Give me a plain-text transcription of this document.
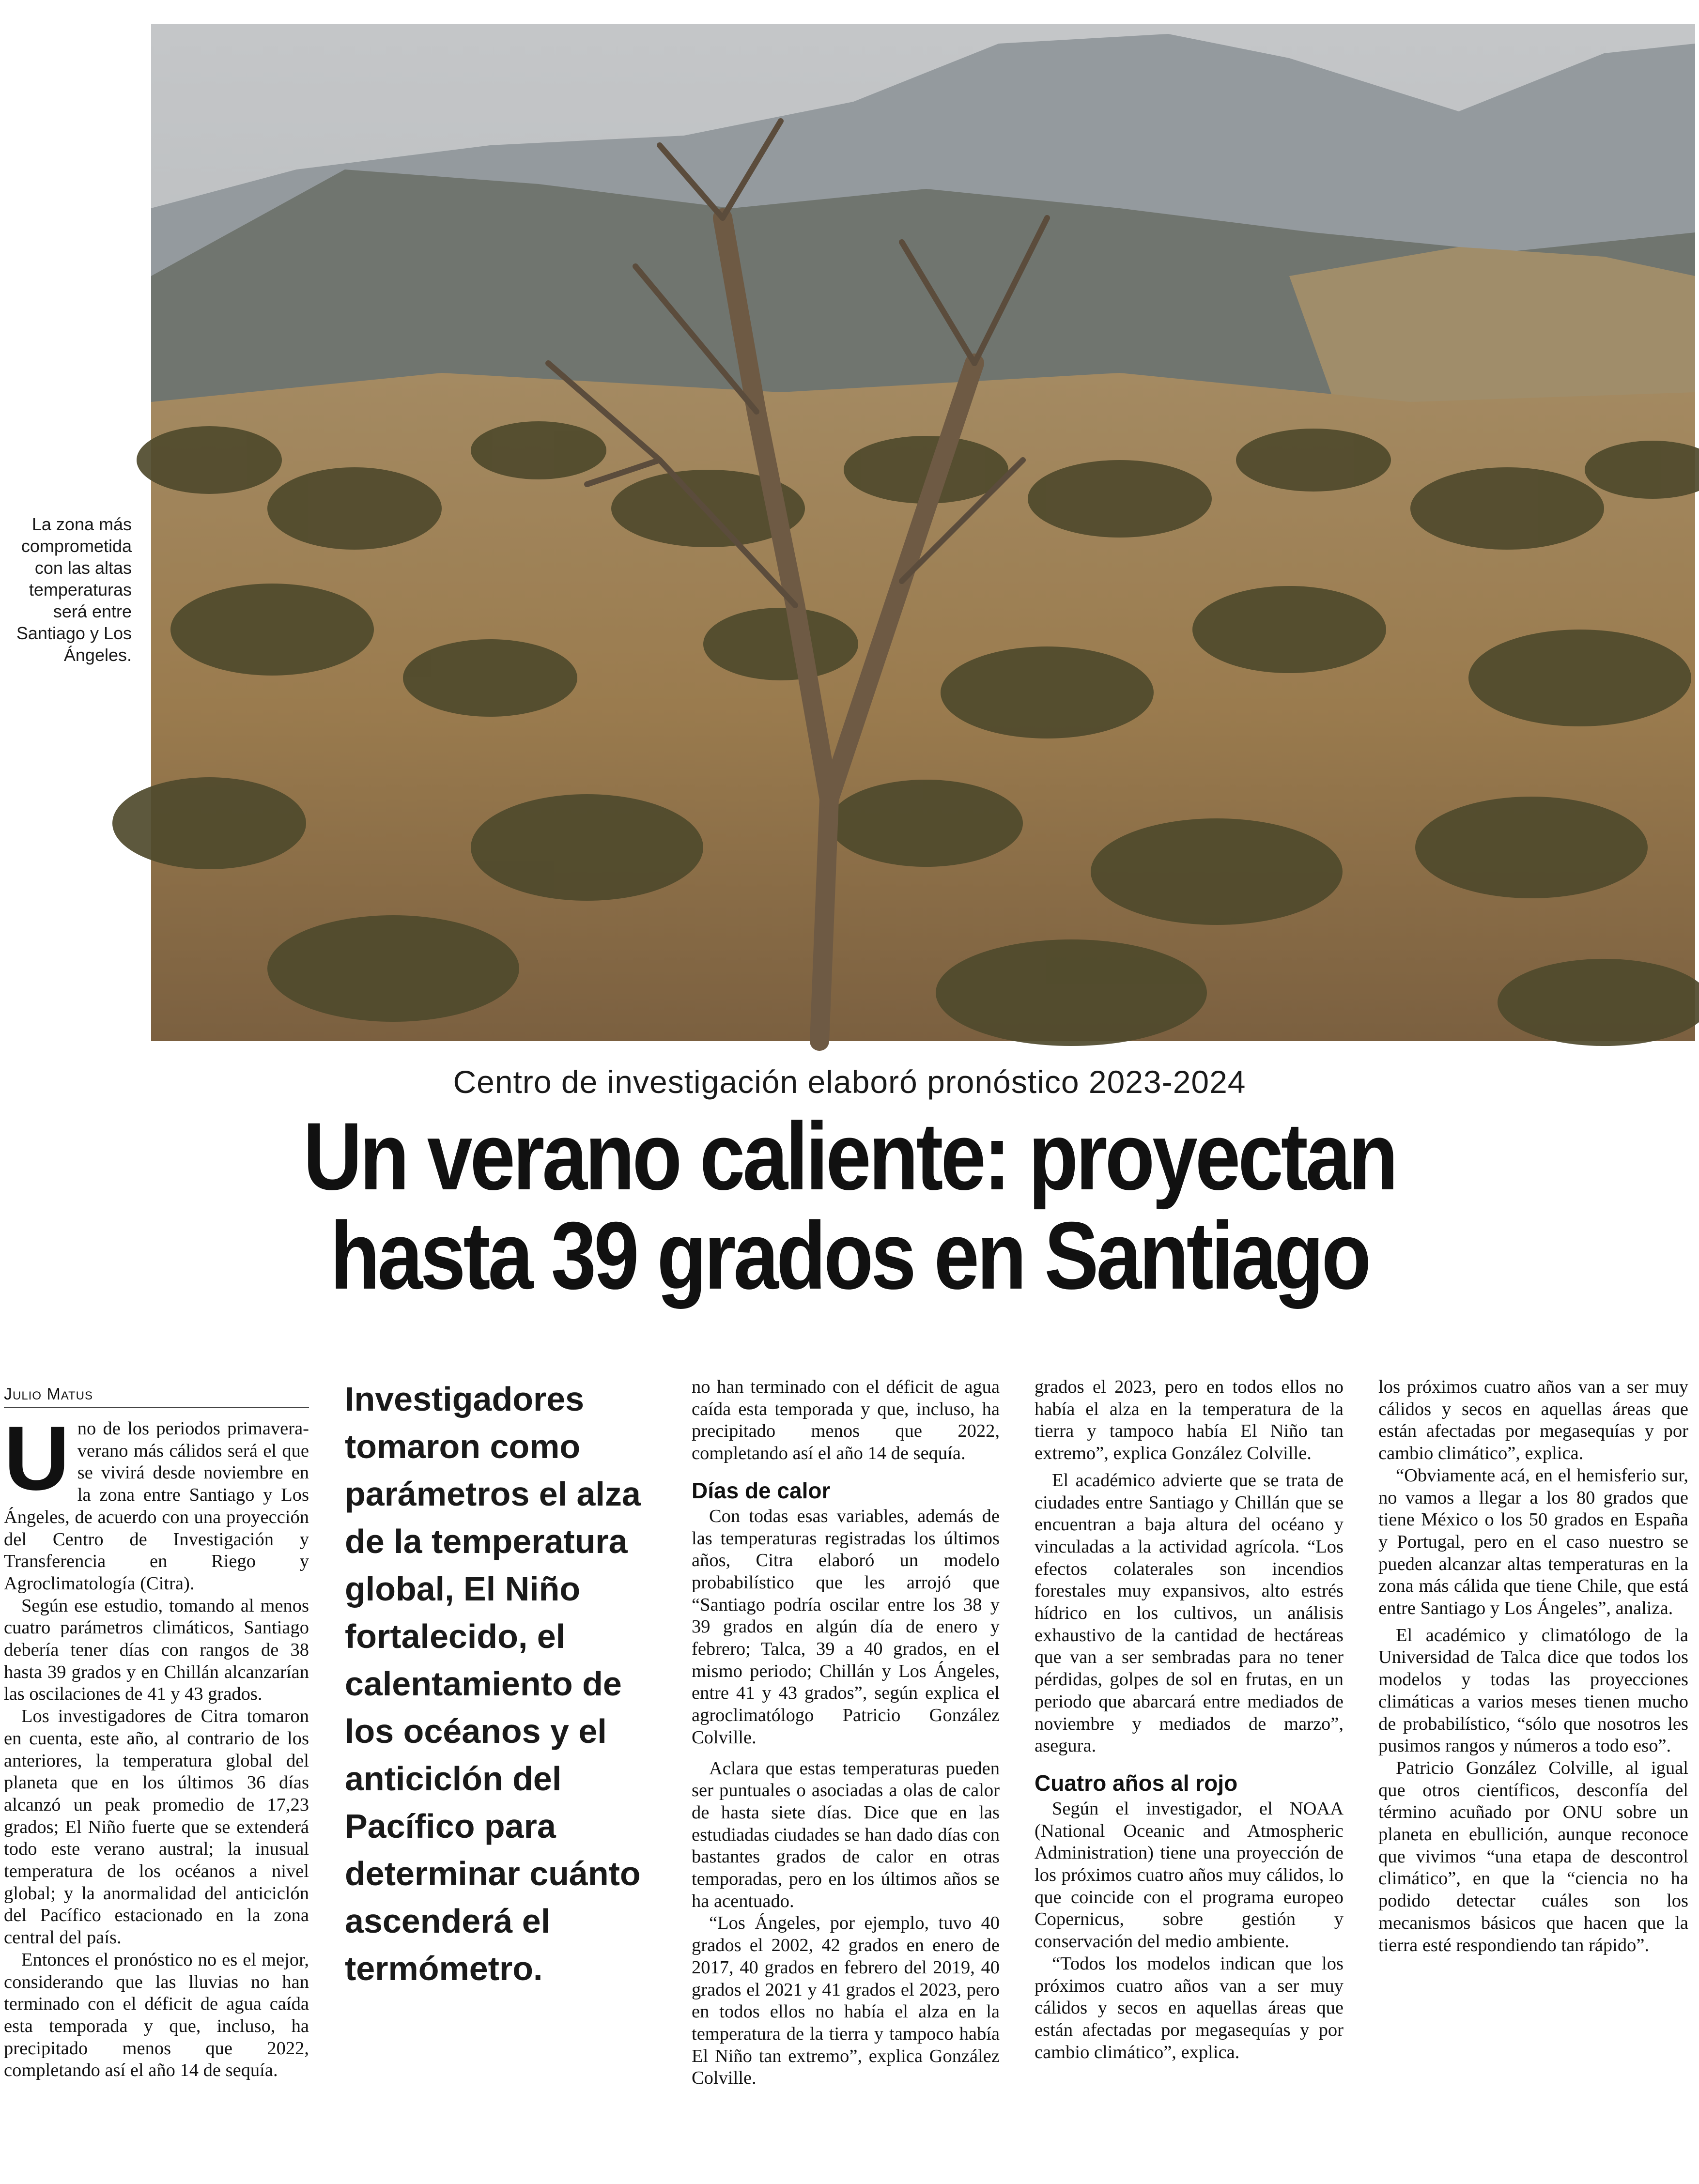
La zona más
comprometida
con las altas
temperaturas
será entre
Santiago y Los
Ángeles.
Centro de investigación elaboró pronóstico 2023-2024
Un verano caliente: proyectan
hasta 39 grados en Santiago
Julio Matus

Uno de los periodos primavera-verano más cálidos será el que se vivirá desde noviembre en la zona entre Santiago y Los Ángeles, de acuerdo con una proyección del Centro de Investigación y Transferencia en Riego y Agroclimatología (Citra).

Según ese estudio, tomando al menos cuatro parámetros climáticos, Santiago debería tener días con rangos de 38 hasta 39 grados y en Chillán alcanzarían las oscilaciones de 41 y 43 grados.

Los investigadores de Citra tomaron en cuenta, este año, al contrario de los anteriores, la temperatura global del planeta que en los últimos 36 días alcanzó un peak promedio de 17,23 grados; El Niño fuerte que se extenderá todo este verano austral; la inusual temperatura de los océanos a nivel global; y la anormalidad del anticiclón del Pacífico estacionado en la zona central del país.

Entonces el pronóstico no es el mejor, considerando que las lluvias no han terminado con el déficit de agua caída esta temporada y que, incluso, ha precipitado menos que 2022, completando así el año 14 de sequía.

Investigadores tomaron como parámetros el alza de la temperatura global, El Niño fortalecido, el calentamiento de los océanos y el anticiclón del Pacífico para determinar cuánto ascenderá el termómetro.

no han terminado con el déficit de agua caída esta temporada y que, incluso, ha precipitado menos que 2022, completando así el año 14 de sequía.

Días de calor

Con todas esas variables, además de las temperaturas registradas los últimos años, Citra elaboró un modelo probabilístico que les arrojó que “Santiago podría oscilar entre los 38 y 39 grados en algún día de enero y febrero; Talca, 39 a 40 grados, en el mismo periodo; Chillán y Los Ángeles, entre 41 y 43 grados”, según explica el agroclimatólogo Patricio González Colville.

Aclara que estas temperaturas pueden ser puntuales o asociadas a olas de calor de hasta siete días. Dice que en las estudiadas ciudades se han dado días con bastantes grados de calor en otras temporadas, pero en los últimos años se ha acentuado.

“Los Ángeles, por ejemplo, tuvo 40 grados el 2002, 42 grados en enero de 2017, 40 grados en febrero del 2019, 40 grados el 2021 y 41 grados el 2023, pero en todos ellos no había el alza en la temperatura de la tierra y tampoco había El Niño tan extremo”, explica González Colville.

grados el 2023, pero en todos ellos no había el alza en la temperatura de la tierra y tampoco había El Niño tan extremo”, explica González Colville.

El académico advierte que se trata de ciudades entre Santiago y Chillán que se encuentran a baja altura del océano y vinculadas a la actividad agrícola. “Los efectos colaterales son incendios forestales muy expansivos, alto estrés hídrico en los cultivos, un análisis exhaustivo de la cantidad de hectáreas que van a ser sembradas para no tener pérdidas, golpes de sol en frutas, en un periodo que abarcará entre mediados de noviembre y mediados de marzo”, asegura.

Cuatro años al rojo

Según el investigador, el NOAA (National Oceanic and Atmospheric Administration) tiene una proyección de los próximos cuatro años muy cálidos, lo que coincide con el programa europeo Copernicus, sobre gestión y conservación del medio ambiente.

“Todos los modelos indican que los próximos cuatro años van a ser muy cálidos y secos en aquellas áreas que están afectadas por megasequías y por cambio climático”, explica.

los próximos cuatro años van a ser muy cálidos y secos en aquellas áreas que están afectadas por megasequías y por cambio climático”, explica.

“Obviamente acá, en el hemisferio sur, no vamos a llegar a los 80 grados que tiene México o los 50 grados en España y Portugal, pero en el caso nuestro se pueden alcanzar altas temperaturas en la zona más cálida que tiene Chile, que está entre Santiago y Los Ángeles”, analiza.

El académico y climatólogo de la Universidad de Talca dice que todos los modelos y todas las proyecciones climáticas a varios meses tienen mucho de probabilístico, “sólo que nosotros les pusimos rangos y números a todo eso”.

Patricio González Colville, al igual que otros científicos, desconfía del término acuñado por ONU sobre un planeta en ebullición, aunque reconoce que vivimos “una etapa de descontrol climático”, en que la “ciencia no ha podido detectar cuáles son los mecanismos básicos que hacen que la tierra esté respondiendo tan rápido”.
